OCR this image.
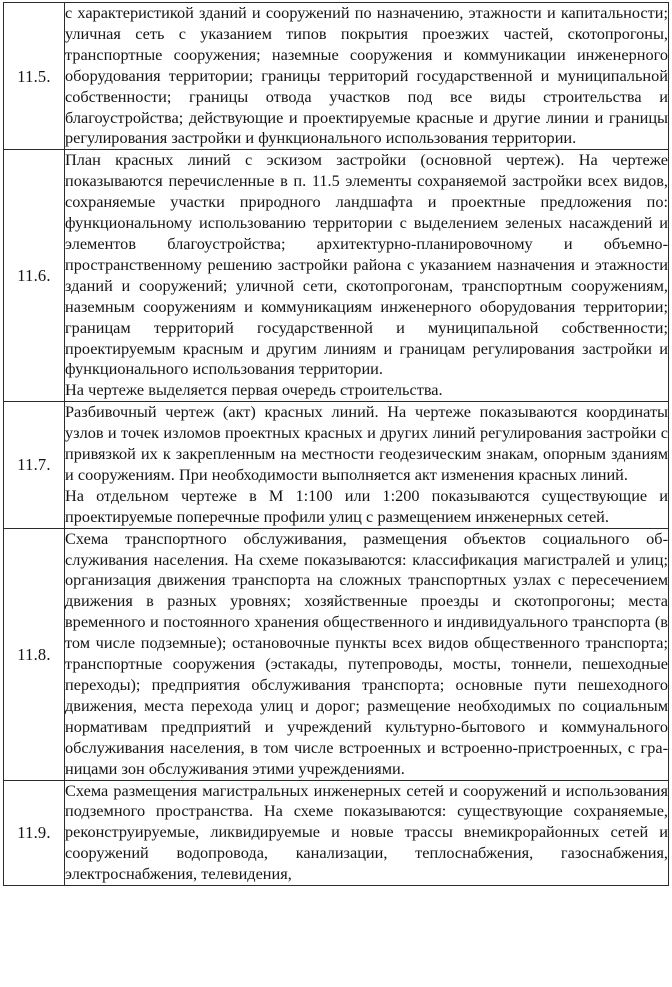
11.5.	с характеристикой зданий и сооружений по назначению, этажности и капитальности; уличная сеть с указанием типов покрытия проезжих частей, скотопрогоны, транспортные сооружения; наземные сооружения и коммуникации инженерного оборудования территории; границы территорий государственной и муниципальной собственности; границы отвода участков под все виды строительства и благоустройства; действующие и проектируемые красные и другие линии и границы регулирования застройки и функционального использования территории.

11.6.	План красных линий с эскизом застройки (основной чертеж). На чертеже показываются перечисленные в п. 11.5 элементы сохраняемой застройки всех видов, сохраняемые участки природного ландшафта и проектные предложения по: функциональному использованию территории с выделением зеленых насаждений и элементов благоустройства; архитектурно-планировочному и объемно-пространственному решению застройки района с указанием назначения и этажности зданий и сооружений; уличной сети, скотопрогонам, транспортным сооружениям, наземным сооружениям и коммуникациям инженерного оборудования территории; границам территорий государственной и муниципальной собственности; проектируемым красным и другим линиям и границам регулирования застройки и функционального использования территории.

На чертеже выделяется первая очередь строительства.

11.7.	Разбивочный чертеж (акт) красных линий. На чертеже показываются координаты узлов и точек изломов проектных красных и других линий регулирования застройки с привязкой их к закрепленным на местности геодезическим знакам, опорным зданиям и сооружениям. При необходимости выполняется акт изменения красных линий.

На отдельном чертеже в М 1:100 или 1:200 показываются существующие и проектируемые поперечные профили улиц с размещением инженерных сетей.

11.8.	Схема транспортного обслуживания, размещения объектов социального обслуживания населения. На схеме показываются: классификация магистралей и улиц; организация движения транспорта на сложных транспортных узлах с пересечением движения в разных уровнях; хозяйственные проезды и скотопрогоны; места временного и постоянного хранения общественного и индивидуального транспорта (в том числе подземные); остановочные пункты всех видов общественного транспорта; транспортные сооружения (эстакады, путепроводы, мосты, тоннели, пешеходные переходы); предприятия обслуживания транспорта; основные пути пешеходного движения, места перехода улиц и дорог; размещение необходимых по социальным нормативам предприятий и учреждений культурно-бытового и коммунального обслуживания населения, в том числе встроенных и встроенно-пристроенных, с границами зон обслуживания этими учреждениями.

11.9.	Схема размещения магистральных инженерных сетей и сооружений и использования подземного пространства. На схеме показываются: существующие сохраняемые, реконструируемые, ликвидируемые и новые трассы внемикрорайонных сетей и сооружений водопровода, канализации, теплоснабжения, газоснабжения, электроснабжения, телевидения,
